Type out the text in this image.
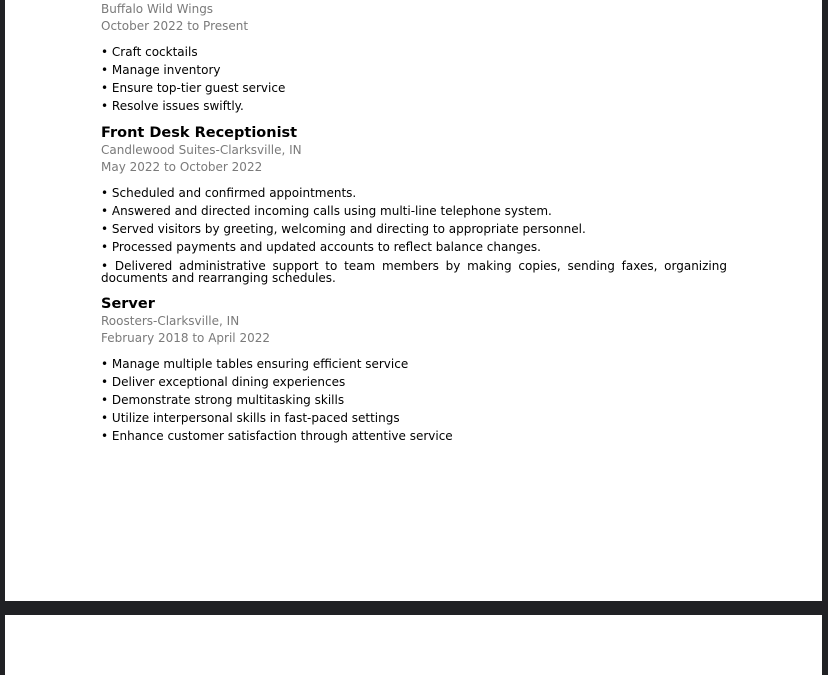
Buffalo Wild Wings
October 2022 to Present
• Craft cocktails
• Manage inventory
• Ensure top-tier guest service
• Resolve issues swiftly.
Front Desk Receptionist
Candlewood Suites-Clarksville, IN
May 2022 to October 2022
• Scheduled and confirmed appointments.
• Answered and directed incoming calls using multi-line telephone system.
• Served visitors by greeting, welcoming and directing to appropriate personnel.
• Processed payments and updated accounts to reflect balance changes.
• Delivered administrative support to team members by making copies, sending faxes, organizing documents and rearranging schedules.
Server
Roosters-Clarksville, IN
February 2018 to April 2022
• Manage multiple tables ensuring efficient service
• Deliver exceptional dining experiences
• Demonstrate strong multitasking skills
• Utilize interpersonal skills in fast-paced settings
• Enhance customer satisfaction through attentive service
